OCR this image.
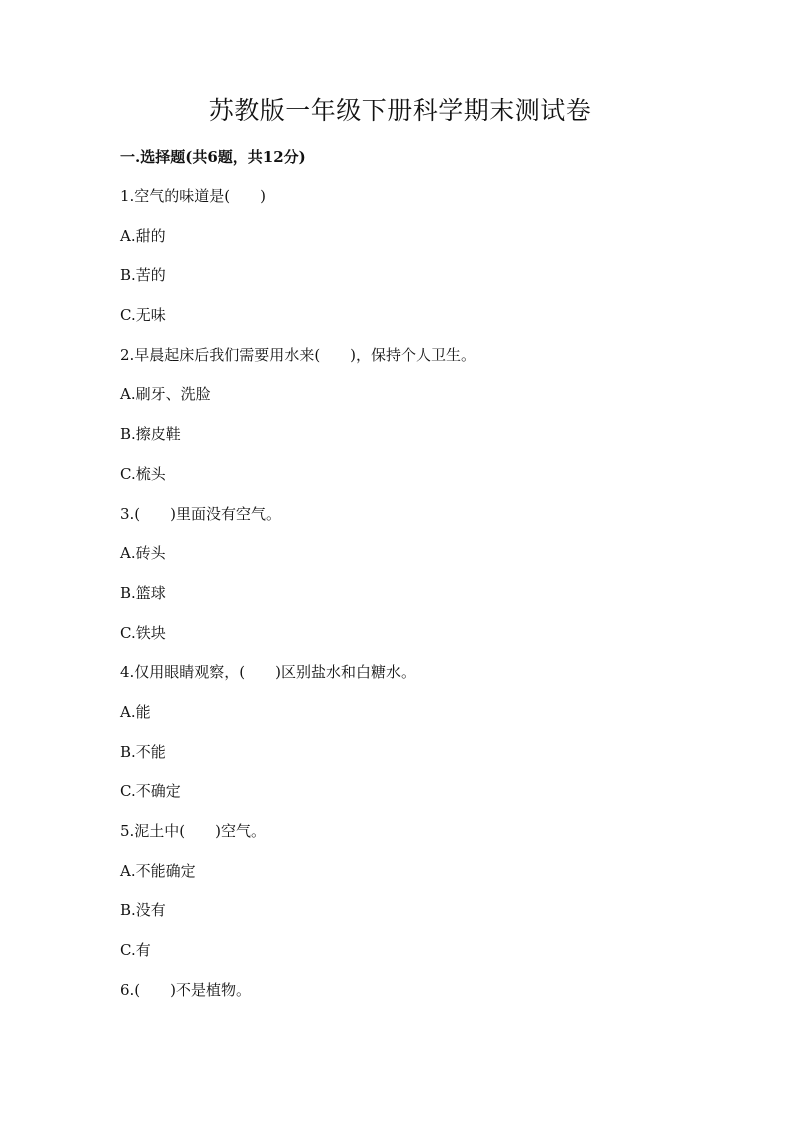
苏教版一年级下册科学期末测试卷
一.选择题(共6题，共12分)
1.空气的味道是(　　)
A.甜的
B.苦的
C.无味
2.早晨起床后我们需要用水来(　　)，保持个人卫生。
A.刷牙、洗脸
B.擦皮鞋
C.梳头
3.(　　)里面没有空气。
A.砖头
B.篮球
C.铁块
4.仅用眼睛观察，(　　)区别盐水和白糖水。
A.能
B.不能
C.不确定
5.泥土中(　　)空气。
A.不能确定
B.没有
C.有
6.(　　)不是植物。
